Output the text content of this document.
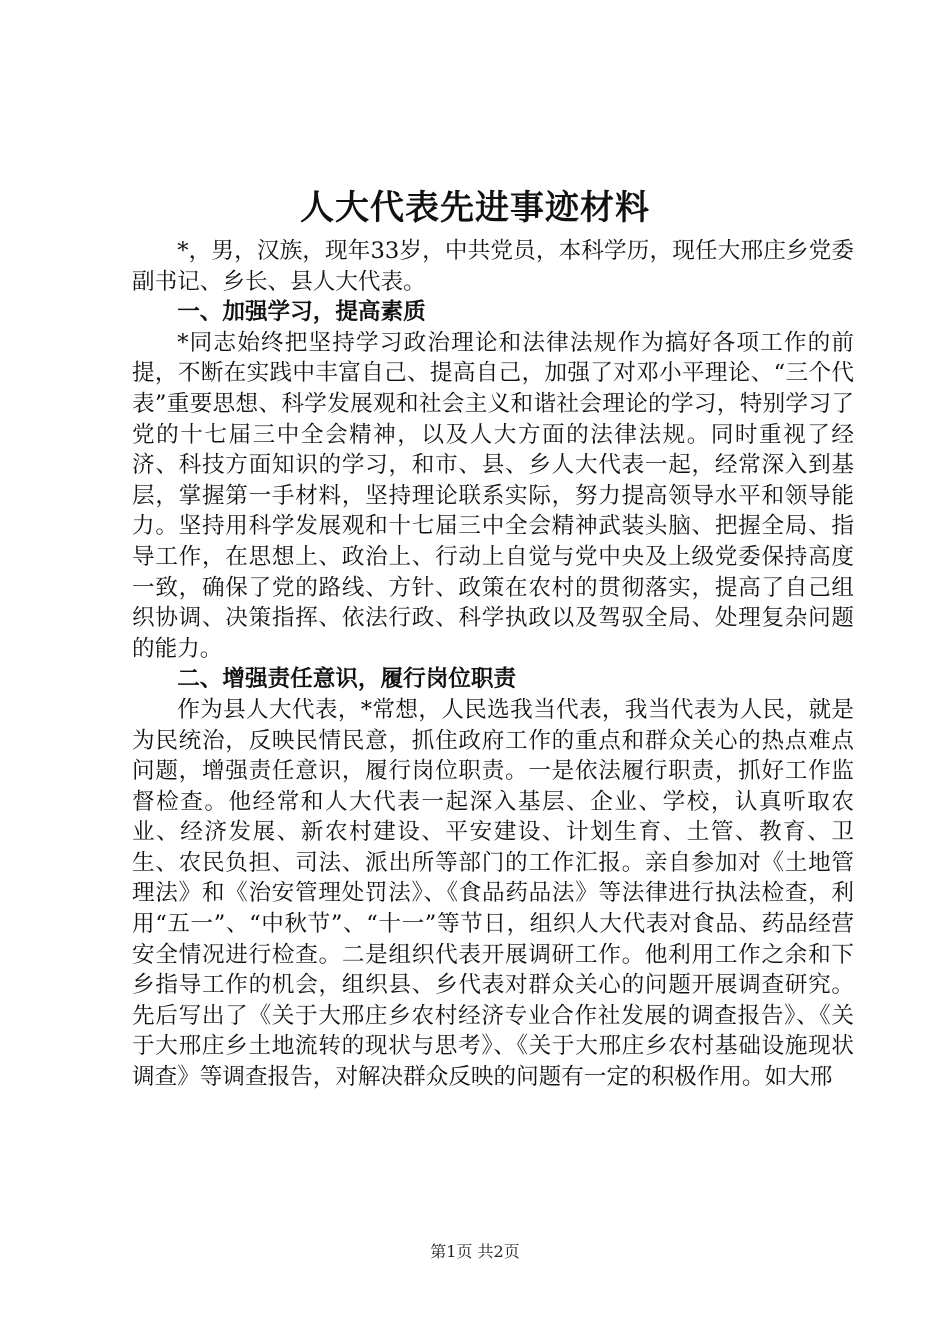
人大代表先进事迹材料

*，男，汉族，现年33岁，中共党员，本科学历，现任大邢庄乡党委副书记、乡长、县人大代表。

一、加强学习，提高素质

*同志始终把坚持学习政治理论和法律法规作为搞好各项工作的前提，不断在实践中丰富自己、提高自己，加强了对邓小平理论、“三个代表”重要思想、科学发展观和社会主义和谐社会理论的学习，特别学习了党的十七届三中全会精神，以及人大方面的法律法规。同时重视了经济、科技方面知识的学习，和市、县、乡人大代表一起，经常深入到基层，掌握第一手材料，坚持理论联系实际，努力提高领导水平和领导能力。坚持用科学发展观和十七届三中全会精神武装头脑、把握全局、指导工作，在思想上、政治上、行动上自觉与党中央及上级党委保持高度一致，确保了党的路线、方针、政策在农村的贯彻落实，提高了自己组织协调、决策指挥、依法行政、科学执政以及驾驭全局、处理复杂问题的能力。

二、增强责任意识，履行岗位职责

作为县人大代表，*常想，人民选我当代表，我当代表为人民，就是为民统治，反映民情民意，抓住政府工作的重点和群众关心的热点难点问题，增强责任意识，履行岗位职责。一是依法履行职责，抓好工作监督检查。他经常和人大代表一起深入基层、企业、学校，认真听取农业、经济发展、新农村建设、平安建设、计划生育、土管、教育、卫生、农民负担、司法、派出所等部门的工作汇报。亲自参加对《土地管理法》和《治安管理处罚法》、《食品药品法》等法律进行执法检查，利用“五一”、“中秋节”、“十一”等节日，组织人大代表对食品、药品经营安全情况进行检查。二是组织代表开展调研工作。他利用工作之余和下乡指导工作的机会，组织县、乡代表对群众关心的问题开展调查研究。先后写出了《关于大邢庄乡农村经济专业合作社发展的调查报告》、《关于大邢庄乡土地流转的现状与思考》、《关于大邢庄乡农村基础设施现状调查》等调查报告，对解决群众反映的问题有一定的积极作用。如大邢

第1页 共2页
